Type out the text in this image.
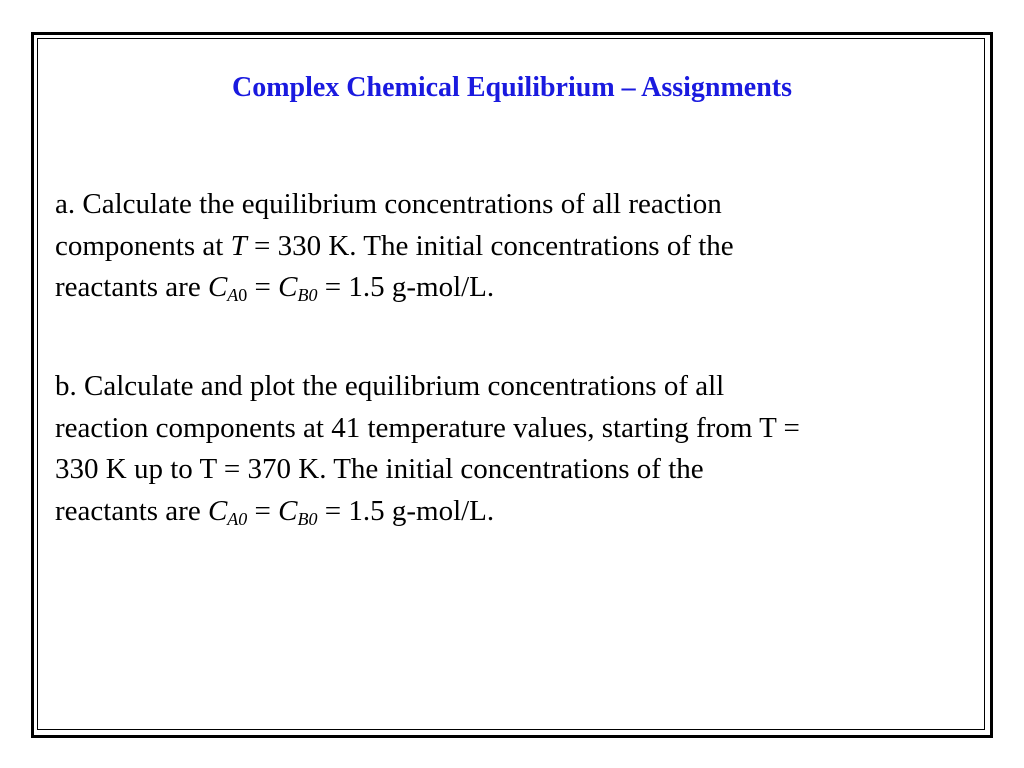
Complex Chemical Equilibrium – Assignments
a. Calculate the equilibrium concentrations of all reaction
components at T = 330 K. The initial concentrations of the
reactants are $C_{A0} = C_{B0} = 1.5$ g-mol/L.
b. Calculate and plot the equilibrium concentrations of all
reaction components at 41 temperature values, starting from T =
330 K up to T = 370 K. The initial concentrations of the
reactants are $C_{A0} = C_{B0} = 1.5$ g-mol/L.
